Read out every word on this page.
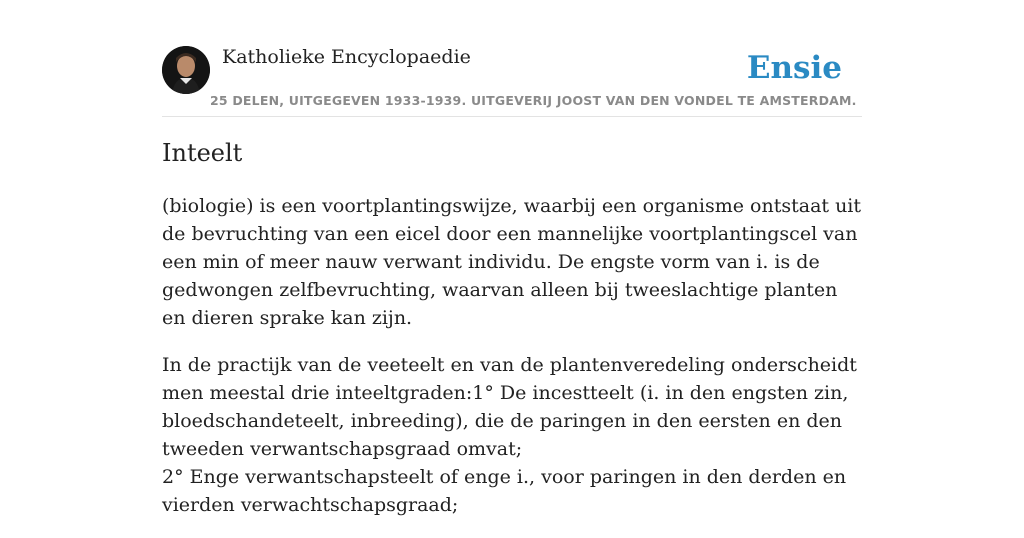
Katholieke Encyclopaedie
25 DELEN, UITGEGEVEN 1933-1939. UITGEVERIJ JOOST VAN DEN VONDEL TE AMSTERDAM.
Ensie
Inteelt

(biologie) is een voortplantingswijze, waarbij een organisme ontstaat uit de bevruchting van een eicel door een mannelijke voortplantingscel van een min of meer nauw verwant individu. De engste vorm van i. is de gedwongen zelfbevruchting, waarvan alleen bij tweeslachtige planten en dieren sprake kan zijn.

In de practijk van de veeteelt en van de plantenveredeling onderscheidt men meestal drie inteeltgraden:1° De incestteelt (i. in den engsten zin, bloedschandeteelt, inbreeding), die de paringen in den eersten en den tweeden verwantschapsgraad omvat;
2° Enge verwantschapsteelt of enge i., voor paringen in den derden en vierden verwachtschapsgraad;
